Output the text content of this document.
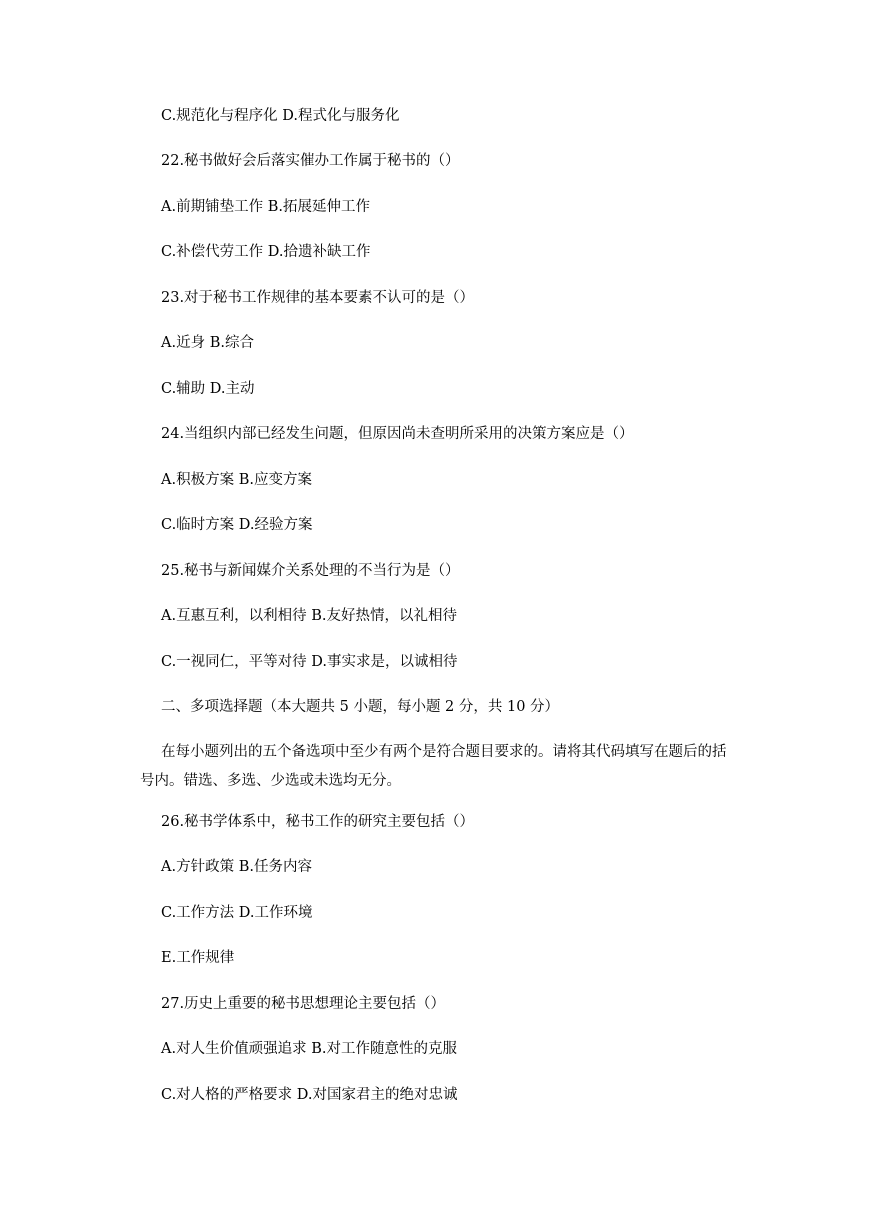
C.规范化与程序化 D.程式化与服务化
22.秘书做好会后落实催办工作属于秘书的（）
A.前期铺垫工作 B.拓展延伸工作
C.补偿代劳工作 D.拾遗补缺工作
23.对于秘书工作规律的基本要素不认可的是（）
A.近身 B.综合
C.辅助 D.主动
24.当组织内部已经发生问题，但原因尚未查明所采用的决策方案应是（）
A.积极方案 B.应变方案
C.临时方案 D.经验方案
25.秘书与新闻媒介关系处理的不当行为是（）
A.互惠互利，以利相待 B.友好热情，以礼相待
C.一视同仁，平等对待 D.事实求是，以诚相待
二、多项选择题（本大题共 5 小题，每小题 2 分，共 10 分）
在每小题列出的五个备选项中至少有两个是符合题目要求的。请将其代码填写在题后的括号内。错选、多选、少选或未选均无分。
26.秘书学体系中，秘书工作的研究主要包括（）
A.方针政策 B.任务内容
C.工作方法 D.工作环境
E.工作规律
27.历史上重要的秘书思想理论主要包括（）
A.对人生价值顽强追求 B.对工作随意性的克服
C.对人格的严格要求 D.对国家君主的绝对忠诚
